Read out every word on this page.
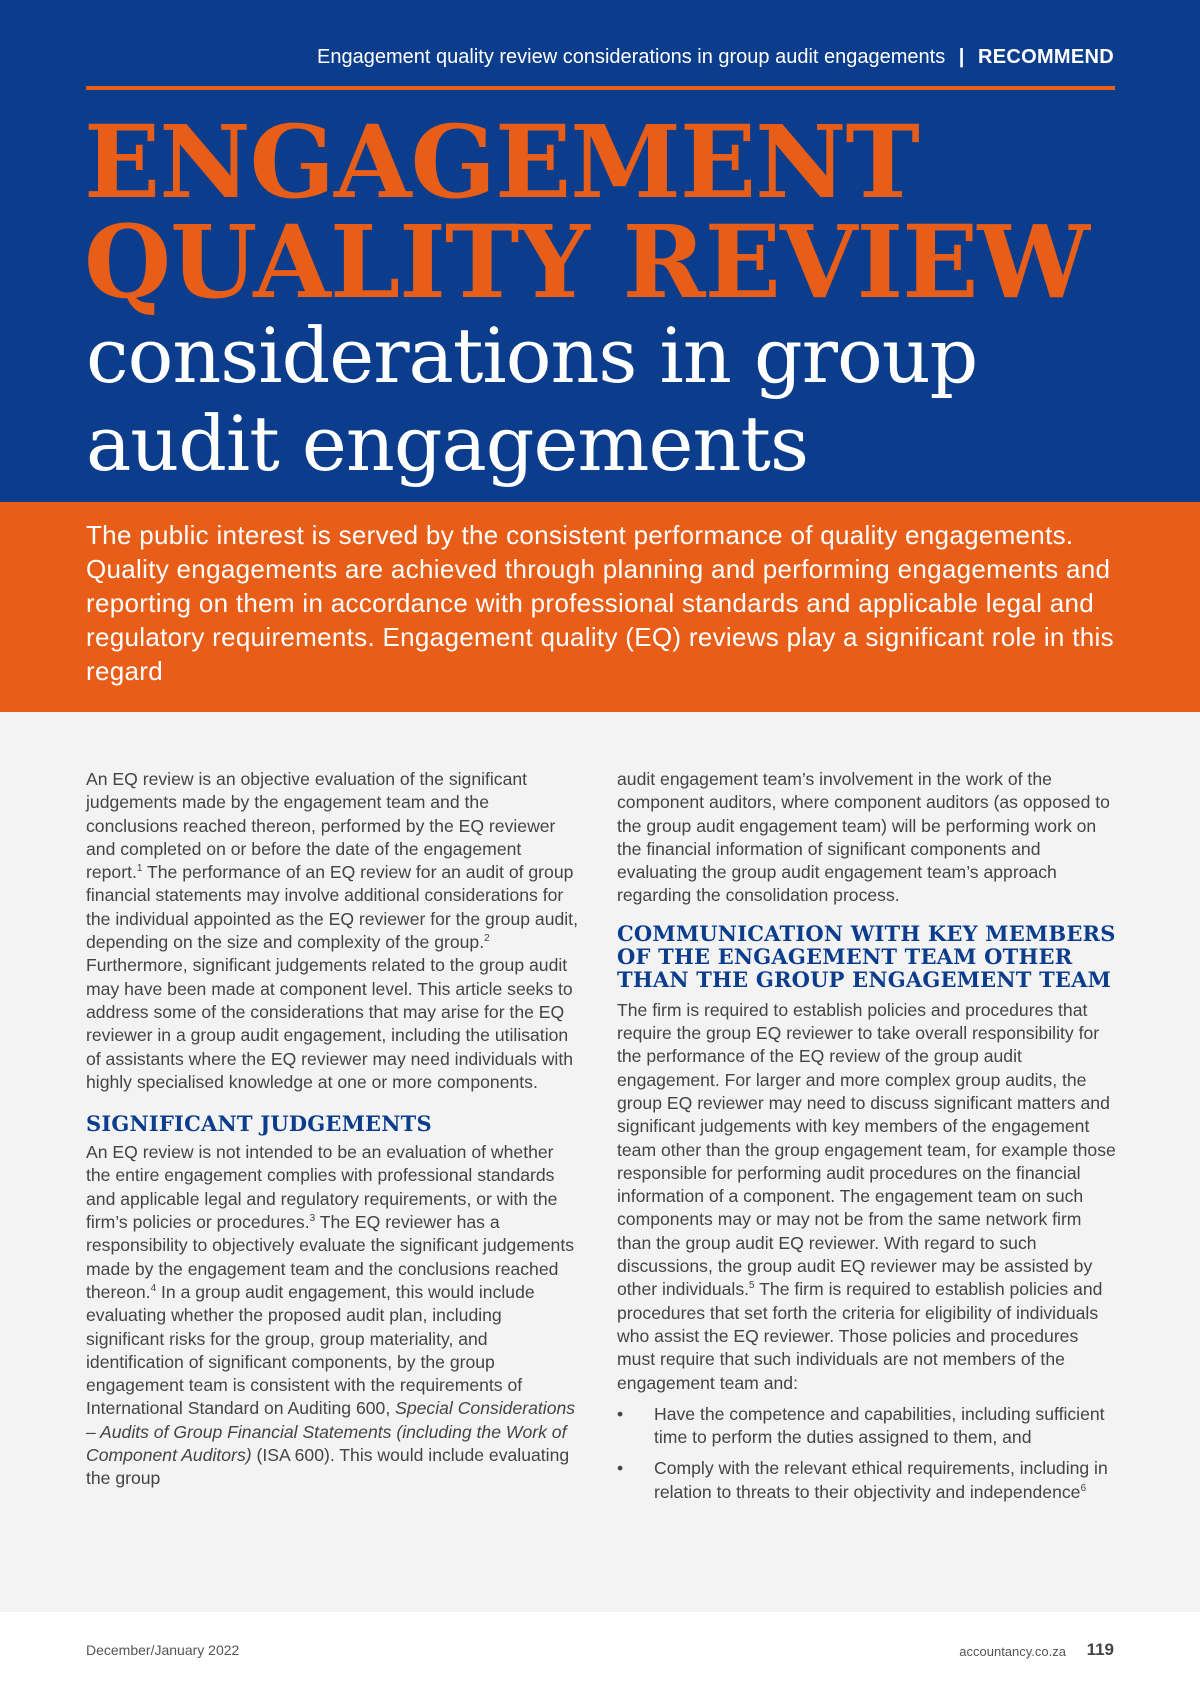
Engagement quality review considerations in group audit engagements | RECOMMEND
ENGAGEMENT
QUALITY REVIEW
considerations in group
audit engagements

The public interest is served by the consistent performance of quality engagements. Quality engagements are achieved through planning and performing engagements and reporting on them in accordance with professional standards and applicable legal and regulatory requirements. Engagement quality (EQ) reviews play a significant role in this regard

An EQ review is an objective evaluation of the significant judgements made by the engagement team and the conclusions reached thereon, performed by the EQ reviewer and completed on or before the date of the engagement report.$^1$ The performance of an EQ review for an audit of group financial statements may involve additional considerations for the individual appointed as the EQ reviewer for the group audit, depending on the size and complexity of the group.$^2$ Furthermore, significant judgements related to the group audit may have been made at component level. This article seeks to address some of the considerations that may arise for the EQ reviewer in a group audit engagement, including the utilisation of assistants where the EQ reviewer may need individuals with highly specialised knowledge at one or more components.

SIGNIFICANT JUDGEMENTS

An EQ review is not intended to be an evaluation of whether the entire engagement complies with professional standards and applicable legal and regulatory requirements, or with the firm’s policies or procedures.$^3$ The EQ reviewer has a responsibility to objectively evaluate the significant judgements made by the engagement team and the conclusions reached thereon.$^4$ In a group audit engagement, this would include evaluating whether the proposed audit plan, including significant risks for the group, group materiality, and identification of significant components, by the group engagement team is consistent with the requirements of International Standard on Auditing 600, Special Considerations – Audits of Group Financial Statements (including the Work of Component Auditors) (ISA 600). This would include evaluating the group

audit engagement team’s involvement in the work of the component auditors, where component auditors (as opposed to the group audit engagement team) will be performing work on the financial information of significant components and evaluating the group audit engagement team’s approach regarding the consolidation process.

COMMUNICATION WITH KEY MEMBERS OF THE ENGAGEMENT TEAM OTHER THAN THE GROUP ENGAGEMENT TEAM

The firm is required to establish policies and procedures that require the group EQ reviewer to take overall responsibility for the performance of the EQ review of the group audit engagement. For larger and more complex group audits, the group EQ reviewer may need to discuss significant matters and significant judgements with key members of the engagement team other than the group engagement team, for example those responsible for performing audit procedures on the financial information of a component. The engagement team on such components may or may not be from the same network firm than the group audit EQ reviewer. With regard to such discussions, the group audit EQ reviewer may be assisted by other individuals.$^5$ The firm is required to establish policies and procedures that set forth the criteria for eligibility of individuals who assist the EQ reviewer. Those policies and procedures must require that such individuals are not members of the engagement team and:

• Have the competence and capabilities, including sufficient time to perform the duties assigned to them, and
• Comply with the relevant ethical requirements, including in relation to threats to their objectivity and independence$^6$
December/January 2022	accountancy.co.za 119
